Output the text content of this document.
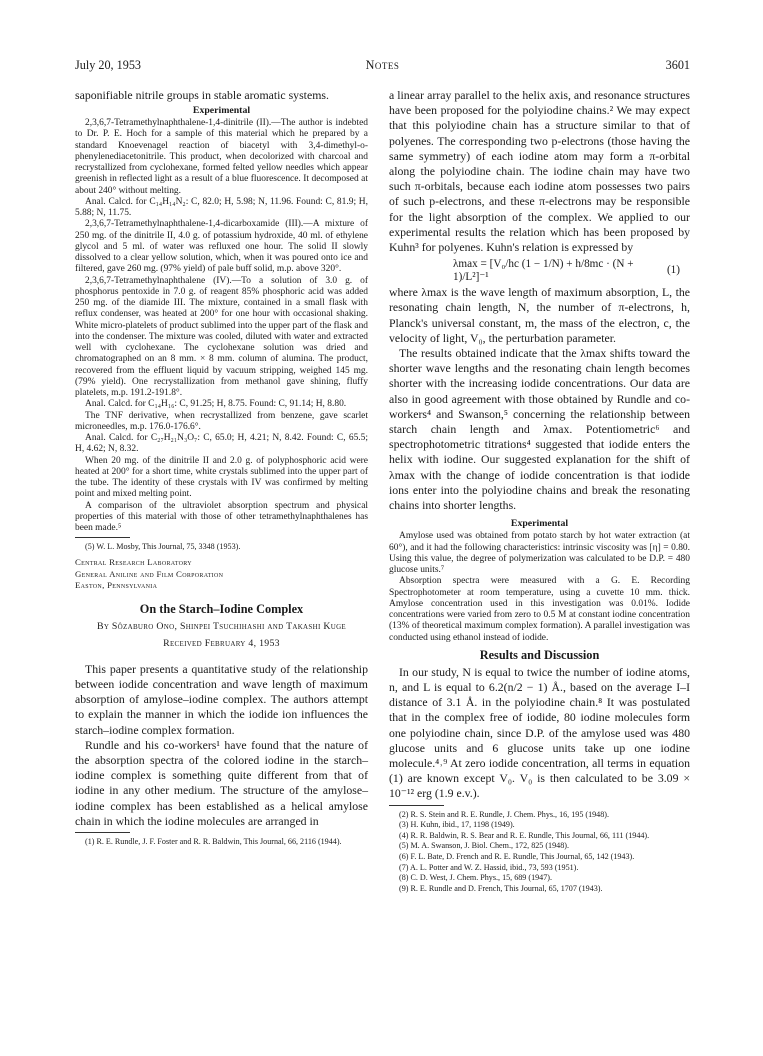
July 20, 1953	Notes	3601

saponifiable nitrile groups in stable aromatic systems.

Experimental

2,3,6,7-Tetramethylnaphthalene-1,4-dinitrile (II).—The author is indebted to Dr. P. E. Hoch for a sample of this material which he prepared by a standard Knoevenagel reaction of biacetyl with 3,4-dimethyl-o-phenylenediacetonitrile. This product, when decolorized with charcoal and recrystallized from cyclohexane, formed felted yellow needles which appear greenish in reflected light as a result of a blue fluorescence. It decomposed at about 240° without melting.

Anal. Calcd. for C₁₄H₁₄N₂: C, 82.0; H, 5.98; N, 11.96. Found: C, 81.9; H, 5.88; N, 11.75.

2,3,6,7-Tetramethylnaphthalene-1,4-dicarboxamide (III).—A mixture of 250 mg. of the dinitrile II, 4.0 g. of potassium hydroxide, 40 ml. of ethylene glycol and 5 ml. of water was refluxed one hour. The solid II slowly dissolved to a clear yellow solution, which, when it was poured onto ice and filtered, gave 260 mg. (97% yield) of pale buff solid, m.p. above 320°.

2,3,6,7-Tetramethylnaphthalene (IV).—To a solution of 3.0 g. of phosphorus pentoxide in 7.0 g. of reagent 85% phosphoric acid was added 250 mg. of the diamide III. The mixture, contained in a small flask with reflux condenser, was heated at 200° for one hour with occasional shaking. White micro-platelets of product sublimed into the upper part of the flask and into the condenser. The mixture was cooled, diluted with water and extracted well with cyclohexane. The cyclohexane solution was dried and chromatographed on an 8 mm. × 8 mm. column of alumina. The product, recovered from the effluent liquid by vacuum stripping, weighed 145 mg. (79% yield). One recrystallization from methanol gave shining, fluffy platelets, m.p. 191.2-191.8°.

Anal. Calcd. for C₁₄H₁₆: C, 91.25; H, 8.75. Found: C, 91.14; H, 8.80.

The TNF derivative, when recrystallized from benzene, gave scarlet microneedles, m.p. 176.0-176.6°.

Anal. Calcd. for C₂₇H₂₁N₃O₇: C, 65.0; H, 4.21; N, 8.42. Found: C, 65.5; H, 4.62; N, 8.32.

When 20 mg. of the dinitrile II and 2.0 g. of polyphosphoric acid were heated at 200° for a short time, white crystals sublimed into the upper part of the tube. The identity of these crystals with IV was confirmed by melting point and mixed melting point.

A comparison of the ultraviolet absorption spectrum and physical properties of this material with those of other tetramethylnaphthalenes has been made.⁵

(5) W. L. Mosby, This Journal, 75, 3348 (1953).

Central Research Laboratory
General Aniline and Film Corporation
Easton, Pennsylvania
On the Starch–Iodine Complex
By Sôzaburo Ono, Shinpei Tsuchihashi and Takashi Kuge
Received February 4, 1953

This paper presents a quantitative study of the relationship between iodide concentration and wave length of maximum absorption of amylose–iodine complex. The authors attempt to explain the manner in which the iodide ion influences the starch–iodine complex formation.

Rundle and his co-workers¹ have found that the nature of the absorption spectra of the colored iodine in the starch–iodine complex is something quite different from that of iodine in any other medium. The structure of the amylose–iodine complex has been established as a helical amylose chain in which the iodine molecules are arranged in

(1) R. E. Rundle, J. F. Foster and R. R. Baldwin, This Journal, 66, 2116 (1944).

a linear array parallel to the helix axis, and resonance structures have been proposed for the polyiodine chains.² We may expect that this polyiodine chain has a structure similar to that of polyenes. The corresponding two p-electrons (those having the same symmetry) of each iodine atom may form a π-orbital along the polyiodine chain. The iodine chain may have two such π-orbitals, because each iodine atom possesses two pairs of such p-electrons, and these π-electrons may be responsible for the light absorption of the complex. We applied to our experimental results the relation which has been proposed by Kuhn³ for polyenes. Kuhn's relation is expressed by

λmax = [V₀/hc (1 − 1/N) + h/8mc · (N + 1)/L²]⁻¹
(1)

where λmax is the wave length of maximum absorption, L, the resonating chain length, N, the number of π-electrons, h, Planck's universal constant, m, the mass of the electron, c, the velocity of light, V₀, the perturbation parameter.

The results obtained indicate that the λmax shifts toward the shorter wave lengths and the resonating chain length becomes shorter with the increasing iodide concentrations. Our data are also in good agreement with those obtained by Rundle and co-workers⁴ and Swanson,⁵ concerning the relationship between starch chain length and λmax. Potentiometric⁶ and spectrophotometric titrations⁴ suggested that iodide enters the helix with iodine. Our suggested explanation for the shift of λmax with the change of iodide concentration is that iodide ions enter into the polyiodine chains and break the resonating chains into shorter lengths.

Experimental

Amylose used was obtained from potato starch by hot water extraction (at 60°), and it had the following characteristics: intrinsic viscosity was [η] = 0.80. Using this value, the degree of polymerization was calculated to be D.P. = 480 glucose units.⁷

Absorption spectra were measured with a G. E. Recording Spectrophotometer at room temperature, using a cuvette 10 mm. thick. Amylose concentration used in this investigation was 0.01%. Iodide concentrations were varied from zero to 0.5 M at constant iodine concentration (13% of theoretical maximum complex formation). A parallel investigation was conducted using ethanol instead of iodide.

Results and Discussion

In our study, N is equal to twice the number of iodine atoms, n, and L is equal to 6.2(n/2 − 1) Å., based on the average I–I distance of 3.1 Å. in the polyiodine chain.⁸ It was postulated that in the complex free of iodide, 80 iodine molecules form one polyiodine chain, since D.P. of the amylose used was 480 glucose units and 6 glucose units take up one iodine molecule.⁴˒⁹ At zero iodide concentration, all terms in equation (1) are known except V₀. V₀ is then calculated to be 3.09 × 10⁻¹² erg (1.9 e.v.).

(2) R. S. Stein and R. E. Rundle, J. Chem. Phys., 16, 195 (1948).

(3) H. Kuhn, ibid., 17, 1198 (1949).

(4) R. R. Baldwin, R. S. Bear and R. E. Rundle, This Journal, 66, 111 (1944).

(5) M. A. Swanson, J. Biol. Chem., 172, 825 (1948).

(6) F. L. Bate, D. French and R. E. Rundle, This Journal, 65, 142 (1943).

(7) A. L. Potter and W. Z. Hassid, ibid., 73, 593 (1951).

(8) C. D. West, J. Chem. Phys., 15, 689 (1947).

(9) R. E. Rundle and D. French, This Journal, 65, 1707 (1943).
